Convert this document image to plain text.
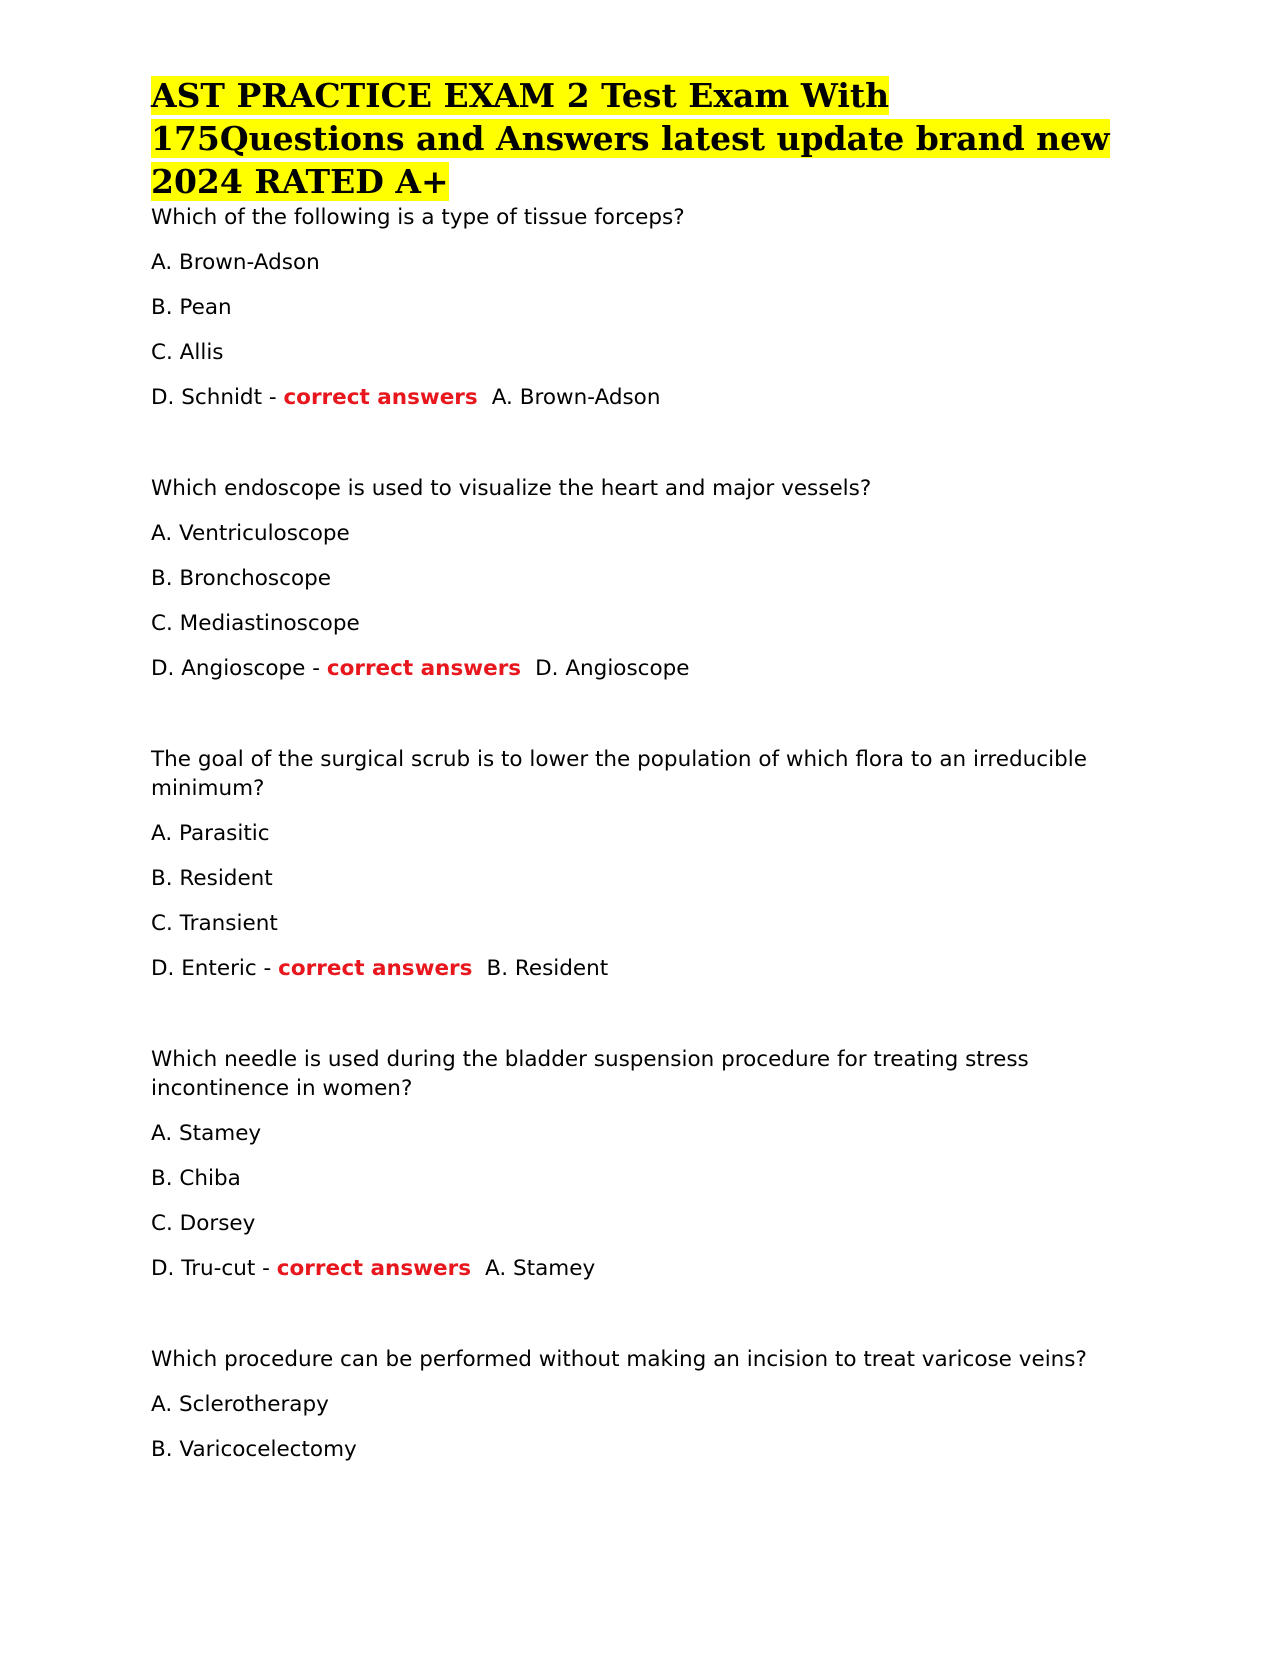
AST PRACTICE EXAM 2 Test Exam With 175Questions and Answers latest update brand new 2024 RATED A+

Which of the following is a type of tissue forceps?

A. Brown-Adson

B. Pean

C. Allis

D. Schnidt - correct answers A. Brown-Adson

Which endoscope is used to visualize the heart and major vessels?

A. Ventriculoscope

B. Bronchoscope

C. Mediastinoscope

D. Angioscope - correct answers D. Angioscope

The goal of the surgical scrub is to lower the population of which flora to an irreducible minimum?

A. Parasitic

B. Resident

C. Transient

D. Enteric - correct answers B. Resident

Which needle is used during the bladder suspension procedure for treating stress incontinence in women?

A. Stamey

B. Chiba

C. Dorsey

D. Tru-cut - correct answers A. Stamey

Which procedure can be performed without making an incision to treat varicose veins?

A. Sclerotherapy

B. Varicocelectomy
